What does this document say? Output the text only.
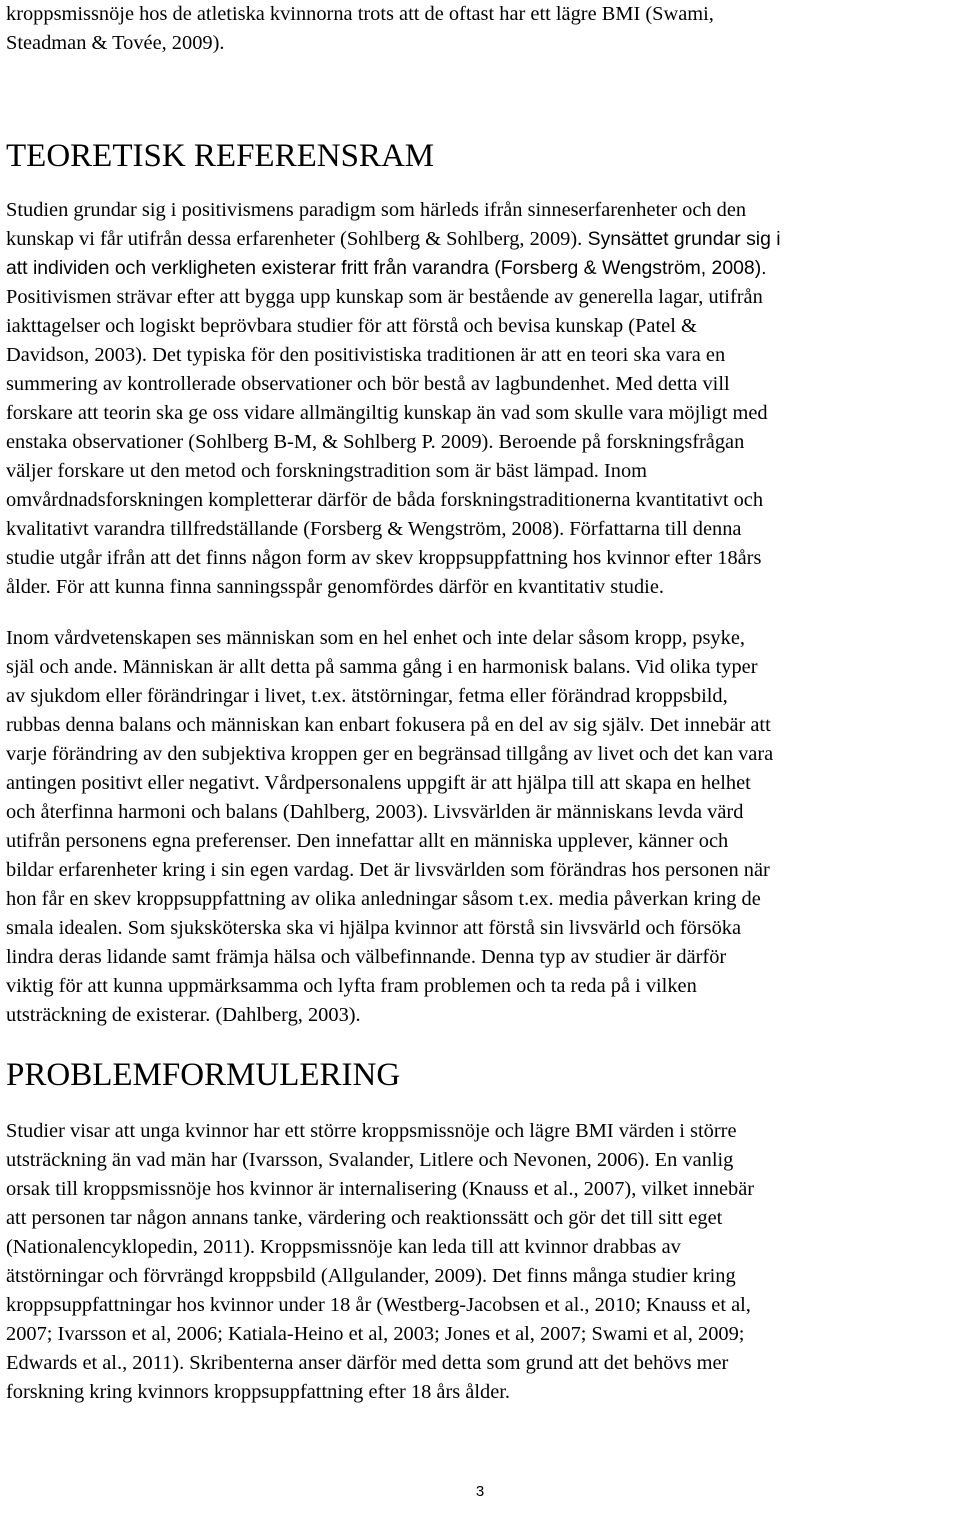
kroppsmissnöje hos de atletiska kvinnorna trots att de oftast har ett lägre BMI (Swami,
Steadman & Tovée, 2009).

TEORETISK REFERENSRAM

Studien grundar sig i positivismens paradigm som härleds ifrån sinneserfarenheter och den
kunskap vi får utifrån dessa erfarenheter (Sohlberg & Sohlberg, 2009). Synsättet grundar sig i
att individen och verkligheten existerar fritt från varandra (Forsberg & Wengström, 2008).
Positivismen strävar efter att bygga upp kunskap som är bestående av generella lagar, utifrån
iakttagelser och logiskt beprövbara studier för att förstå och bevisa kunskap (Patel &
Davidson, 2003). Det typiska för den positivistiska traditionen är att en teori ska vara en
summering av kontrollerade observationer och bör bestå av lagbundenhet. Med detta vill
forskare att teorin ska ge oss vidare allmängiltig kunskap än vad som skulle vara möjligt med
enstaka observationer (Sohlberg B-M, & Sohlberg P. 2009). Beroende på forskningsfrågan
väljer forskare ut den metod och forskningstradition som är bäst lämpad. Inom
omvårdnadsforskningen kompletterar därför de båda forskningstraditionerna kvantitativt och
kvalitativt varandra tillfredställande (Forsberg & Wengström, 2008). Författarna till denna
studie utgår ifrån att det finns någon form av skev kroppsuppfattning hos kvinnor efter 18års
ålder. För att kunna finna sanningsspår genomfördes därför en kvantitativ studie.

Inom vårdvetenskapen ses människan som en hel enhet och inte delar såsom kropp, psyke,
själ och ande. Människan är allt detta på samma gång i en harmonisk balans. Vid olika typer
av sjukdom eller förändringar i livet, t.ex. ätstörningar, fetma eller förändrad kroppsbild,
rubbas denna balans och människan kan enbart fokusera på en del av sig själv. Det innebär att
varje förändring av den subjektiva kroppen ger en begränsad tillgång av livet och det kan vara
antingen positivt eller negativt. Vårdpersonalens uppgift är att hjälpa till att skapa en helhet
och återfinna harmoni och balans (Dahlberg, 2003). Livsvärlden är människans levda värd
utifrån personens egna preferenser. Den innefattar allt en människa upplever, känner och
bildar erfarenheter kring i sin egen vardag. Det är livsvärlden som förändras hos personen när
hon får en skev kroppsuppfattning av olika anledningar såsom t.ex. media påverkan kring de
smala idealen. Som sjuksköterska ska vi hjälpa kvinnor att förstå sin livsvärld och försöka
lindra deras lidande samt främja hälsa och välbefinnande. Denna typ av studier är därför
viktig för att kunna uppmärksamma och lyfta fram problemen och ta reda på i vilken
utsträckning de existerar. (Dahlberg, 2003).

PROBLEMFORMULERING

Studier visar att unga kvinnor har ett större kroppsmissnöje och lägre BMI värden i större
utsträckning än vad män har (Ivarsson, Svalander, Litlere och Nevonen, 2006). En vanlig
orsak till kroppsmissnöje hos kvinnor är internalisering (Knauss et al., 2007), vilket innebär
att personen tar någon annans tanke, värdering och reaktionssätt och gör det till sitt eget
(Nationalencyklopedin, 2011). Kroppsmissnöje kan leda till att kvinnor drabbas av
ätstörningar och förvrängd kroppsbild (Allgulander, 2009). Det finns många studier kring
kroppsuppfattningar hos kvinnor under 18 år (Westberg-Jacobsen et al., 2010; Knauss et al,
2007; Ivarsson et al, 2006; Katiala-Heino et al, 2003; Jones et al, 2007; Swami et al, 2009;
Edwards et al., 2011). Skribenterna anser därför med detta som grund att det behövs mer
forskning kring kvinnors kroppsuppfattning efter 18 års ålder.

3
